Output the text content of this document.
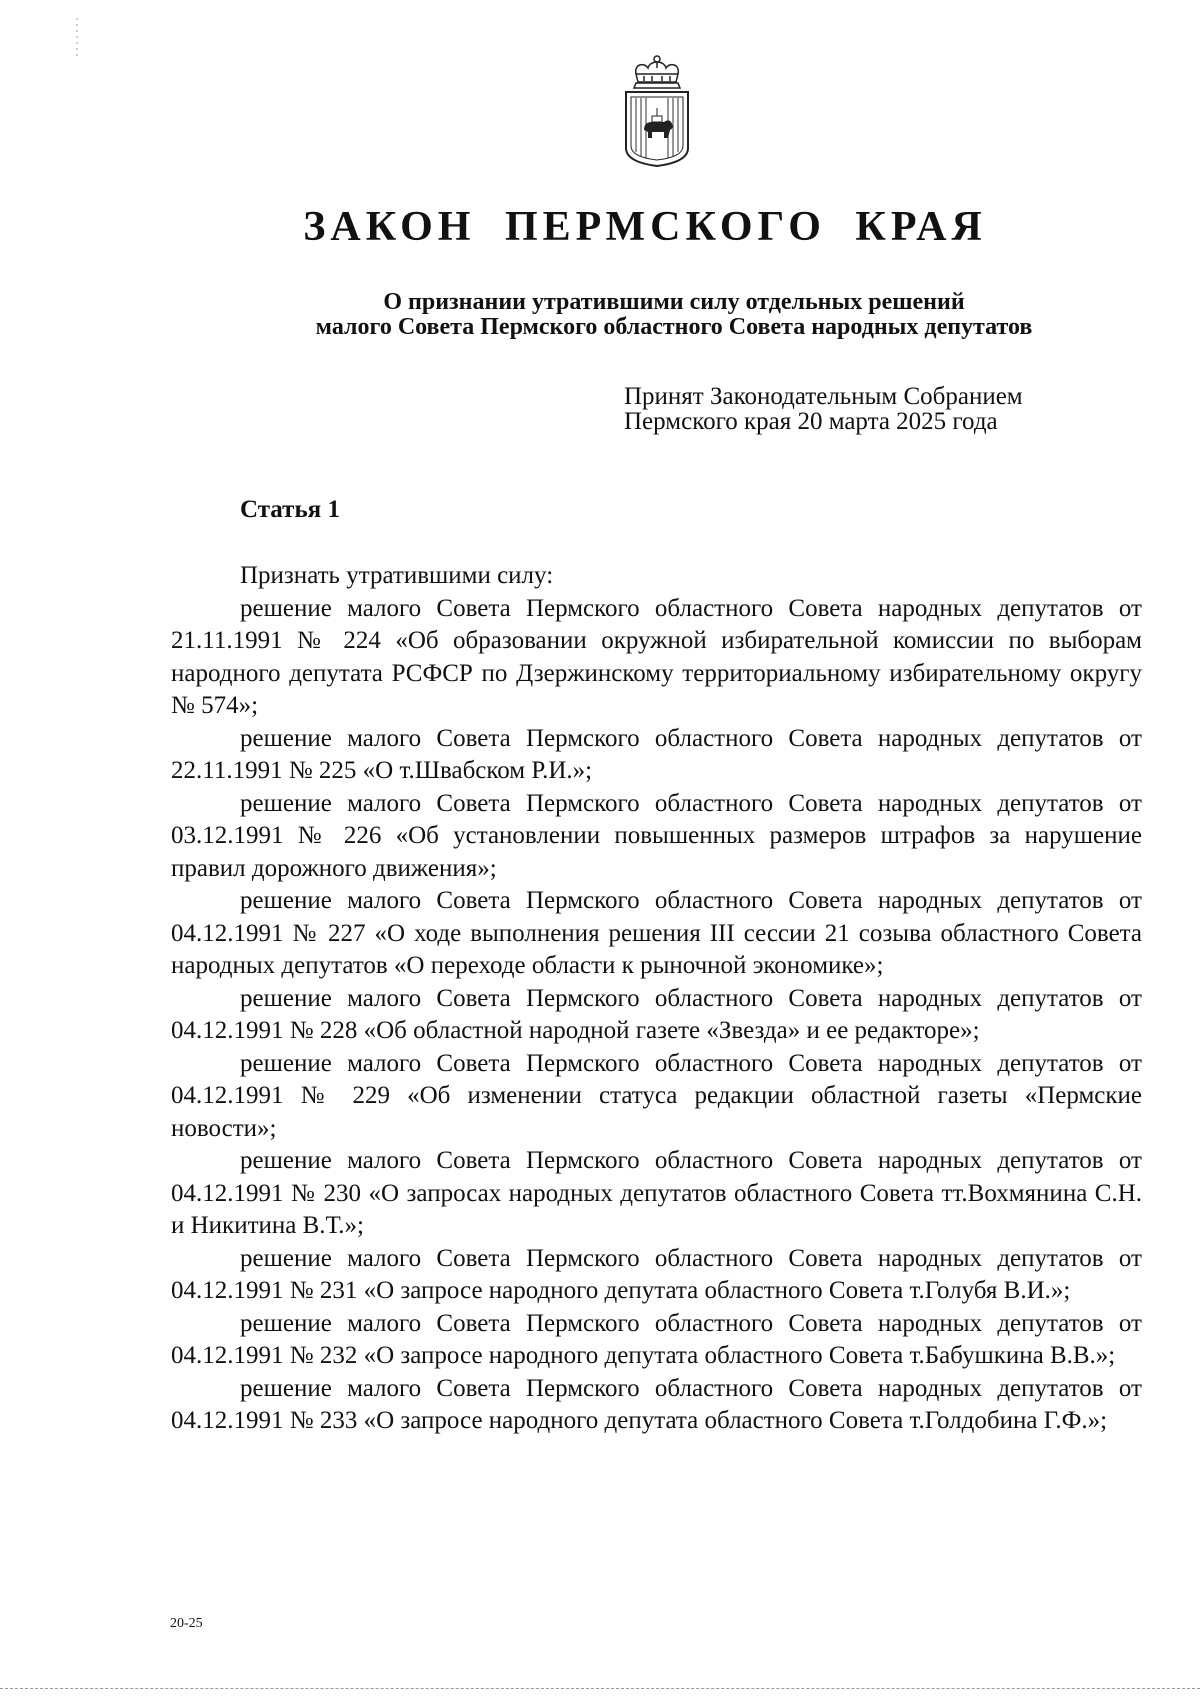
ЗАКОН ПЕРМСКОГО КРАЯ
О признании утратившими силу отдельных решений
малого Совета Пермского областного Совета народных депутатов
Принят Законодательным Собранием
Пермского края 20 марта 2025 года
Статья 1
Признать утратившими силу:

решение малого Совета Пермского областного Совета народных депутатов от 21.11.1991 № 224 «Об образовании окружной избирательной комиссии по выборам народного депутата РСФСР по Дзержинскому территориальному избирательному округу № 574»;

решение малого Совета Пермского областного Совета народных депутатов от 22.11.1991 № 225 «О т.Швабском Р.И.»;

решение малого Совета Пермского областного Совета народных депутатов от 03.12.1991 № 226 «Об установлении повышенных размеров штрафов за нарушение правил дорожного движения»;

решение малого Совета Пермского областного Совета народных депутатов от 04.12.1991 № 227 «О ходе выполнения решения III сессии 21 созыва областного Совета народных депутатов «О переходе области к рыночной экономике»;

решение малого Совета Пермского областного Совета народных депутатов от 04.12.1991 № 228 «Об областной народной газете «Звезда» и ее редакторе»;

решение малого Совета Пермского областного Совета народных депутатов от 04.12.1991 № 229 «Об изменении статуса редакции областной газеты «Пермские новости»;

решение малого Совета Пермского областного Совета народных депутатов от 04.12.1991 № 230 «О запросах народных депутатов областного Совета тт.Вохмянина С.Н. и Никитина В.Т.»;

решение малого Совета Пермского областного Совета народных депутатов от 04.12.1991 № 231 «О запросе народного депутата областного Совета т.Голубя В.И.»;

решение малого Совета Пермского областного Совета народных депутатов от 04.12.1991 № 232 «О запросе народного депутата областного Совета т.Бабушкина В.В.»;

решение малого Совета Пермского областного Совета народных депутатов от 04.12.1991 № 233 «О запросе народного депутата областного Совета т.Голдобина Г.Ф.»;

20-25
